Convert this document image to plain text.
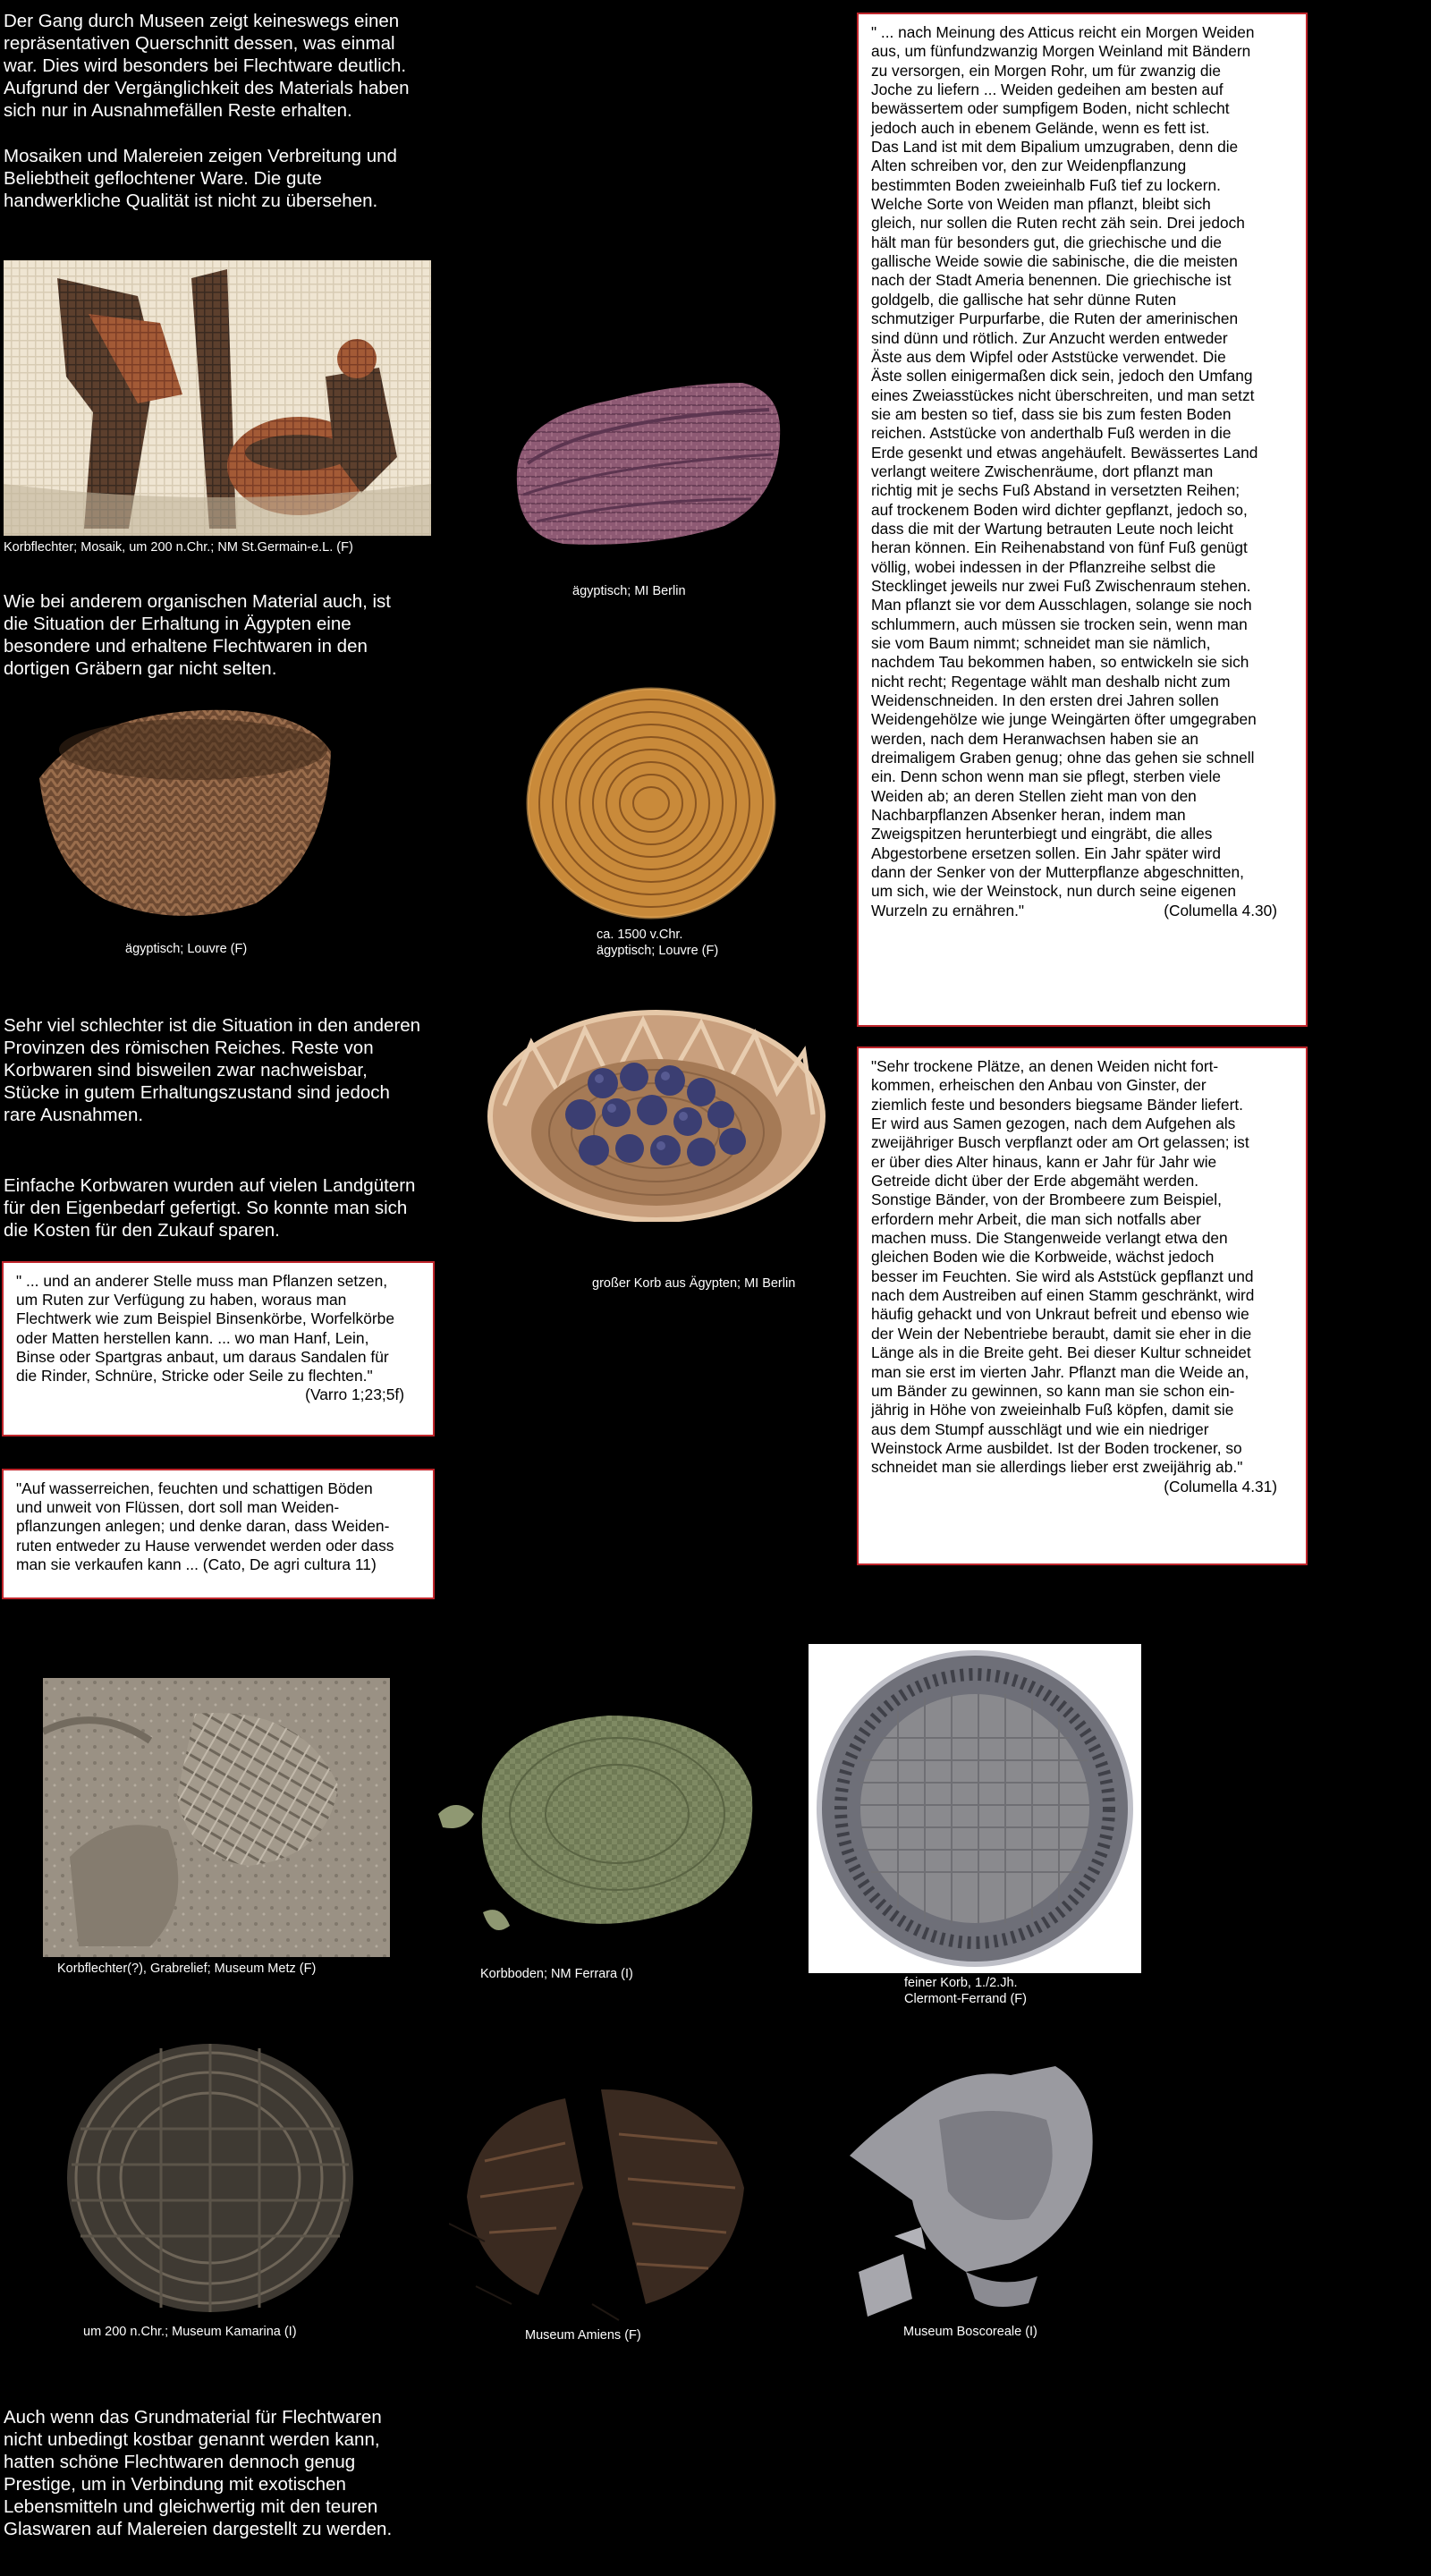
Der Gang durch Museen zeigt keineswegs einen
repräsentativen Querschnitt dessen, was einmal
war. Dies wird besonders bei Flechtware deutlich.
Aufgrund der Vergänglichkeit des Materials haben
sich nur in Ausnahmefällen Reste erhalten.
Mosaiken und Malereien zeigen Verbreitung und
Beliebtheit geflochtener Ware. Die gute
handwerkliche Qualität ist nicht zu übersehen.
Korbflechter; Mosaik, um 200 n.Chr.; NM St.Germain-e.L. (F)
ägyptisch; MI Berlin
Wie bei anderem organischen Material auch, ist
die Situation der Erhaltung in Ägypten eine
besondere und erhaltene Flechtwaren in den
dortigen Gräbern gar nicht selten.
ägyptisch; Louvre (F)
ca. 1500 v.Chr.
ägyptisch; Louvre (F)
Sehr viel schlechter ist die Situation in den anderen
Provinzen des römischen Reiches. Reste von
Korbwaren sind bisweilen zwar nachweisbar,
Stücke in gutem Erhaltungszustand sind jedoch
rare Ausnahmen.
großer Korb aus Ägypten; MI Berlin
Einfache Korbwaren wurden auf vielen Landgütern
für den Eigenbedarf gefertigt. So konnte man sich
die Kosten für den Zukauf sparen.
" ... und an anderer Stelle muss man Pflanzen setzen,
um Ruten zur Verfügung zu haben, woraus man
Flechtwerk wie zum Beispiel Binsenkörbe, Worfelkörbe
oder Matten herstellen kann. ... wo man Hanf, Lein,
Binse oder Spartgras anbaut, um daraus Sandalen für
die Rinder, Schnüre, Stricke oder Seile zu flechten."
(Varro 1;23;5f)
"Auf wasserreichen, feuchten und schattigen Böden
und unweit von Flüssen, dort soll man Weiden-
pflanzungen anlegen; und denke daran, dass Weiden-
ruten entweder zu Hause verwendet werden oder dass
man sie verkaufen kann ... (Cato, De agri cultura 11)
" ... nach Meinung des Atticus reicht ein Morgen Weiden
aus, um fünfundzwanzig Morgen Weinland mit Bändern
zu versorgen, ein Morgen Rohr, um für zwanzig die
Joche zu liefern ... Weiden gedeihen am besten auf
bewässertem oder sumpfigem Boden, nicht schlecht
jedoch auch in ebenem Gelände, wenn es fett ist.
Das Land ist mit dem Bipalium umzugraben, denn die
Alten schreiben vor, den zur Weidenpflanzung
bestimmten Boden zweieinhalb Fuß tief zu lockern.
Welche Sorte von Weiden man pflanzt, bleibt sich
gleich, nur sollen die Ruten recht zäh sein. Drei jedoch
hält man für besonders gut, die griechische und die
gallische Weide sowie die sabinische, die die meisten
nach der Stadt Ameria benennen. Die griechische ist
goldgelb, die gallische hat sehr dünne Ruten
schmutziger Purpurfarbe, die Ruten der amerinischen
sind dünn und rötlich. Zur Anzucht werden entweder
Äste aus dem Wipfel oder Aststücke verwendet. Die
Äste sollen einigermaßen dick sein, jedoch den Umfang
eines Zweiasstückes nicht überschreiten, und man setzt
sie am besten so tief, dass sie bis zum festen Boden
reichen. Aststücke von anderthalb Fuß werden in die
Erde gesenkt und etwas angehäufelt. Bewässertes Land
verlangt weitere Zwischenräume, dort pflanzt man
richtig mit je sechs Fuß Abstand in versetzten Reihen;
auf trockenem Boden wird dichter gepflanzt, jedoch so,
dass die mit der Wartung betrauten Leute noch leicht
heran können. Ein Reihenabstand von fünf Fuß genügt
völlig, wobei indessen in der Pflanzreihe selbst die
Stecklinget jeweils nur zwei Fuß Zwischenraum stehen.
Man pflanzt sie vor dem Ausschlagen, solange sie noch
schlummern, auch müssen sie trocken sein, wenn man
sie vom Baum nimmt; schneidet man sie nämlich,
nachdem Tau bekommen haben, so entwickeln sie sich
nicht recht; Regentage wählt man deshalb nicht zum
Weidenschneiden. In den ersten drei Jahren sollen
Weidengehölze wie junge Weingärten öfter umgegraben
werden, nach dem Heranwachsen haben sie an
dreimaligem Graben genug; ohne das gehen sie schnell
ein. Denn schon wenn man sie pflegt, sterben viele
Weiden ab; an deren Stellen zieht man von den
Nachbarpflanzen Absenker heran, indem man
Zweigspitzen herunterbiegt und eingräbt, die alles
Abgestorbene ersetzen sollen. Ein Jahr später wird
dann der Senker von der Mutterpflanze abgeschnitten,
um sich, wie der Weinstock, nun durch seine eigenen
Wurzeln zu ernähren."	(Columella 4.30)
"Sehr trockene Plätze, an denen Weiden nicht fort-
kommen, erheischen den Anbau von Ginster, der
ziemlich feste und besonders biegsame Bänder liefert.
Er wird aus Samen gezogen, nach dem Aufgehen als
zweijähriger Busch verpflanzt oder am Ort gelassen; ist
er über dies Alter hinaus, kann er Jahr für Jahr wie
Getreide dicht über der Erde abgemäht werden.
Sonstige Bänder, von der Brombeere zum Beispiel,
erfordern mehr Arbeit, die man sich notfalls aber
machen muss. Die Stangenweide verlangt etwa den
gleichen Boden wie die Korbweide, wächst jedoch
besser im Feuchten. Sie wird als Aststück gepflanzt und
nach dem Austreiben auf einen Stamm geschränkt, wird
häufig gehackt und von Unkraut befreit und ebenso wie
der Wein der Nebentriebe beraubt, damit sie eher in die
Länge als in die Breite geht. Bei dieser Kultur schneidet
man sie erst im vierten Jahr. Pflanzt man die Weide an,
um Bänder zu gewinnen, so kann man sie schon ein-
jährig in Höhe von zweieinhalb Fuß köpfen, damit sie
aus dem Stumpf ausschlägt und wie ein niedriger
Weinstock Arme ausbildet. Ist der Boden trockener, so
schneidet man sie allerdings lieber erst zweijährig ab."
(Columella 4.31)
Korbflechter(?), Grabrelief; Museum Metz (F)	Korbboden; NM Ferrara (I)
feiner Korb, 1./2.Jh.
Clermont-Ferrand (F)
um 200 n.Chr.; Museum Kamarina (I)	Museum Amiens (F)	Museum Boscoreale (I)
Auch wenn das Grundmaterial für Flechtwaren
nicht unbedingt kostbar genannt werden kann,
hatten schöne Flechtwaren dennoch genug
Prestige, um in Verbindung mit exotischen
Lebensmitteln und gleichwertig mit den teuren
Glaswaren auf Malereien dargestellt zu werden.
